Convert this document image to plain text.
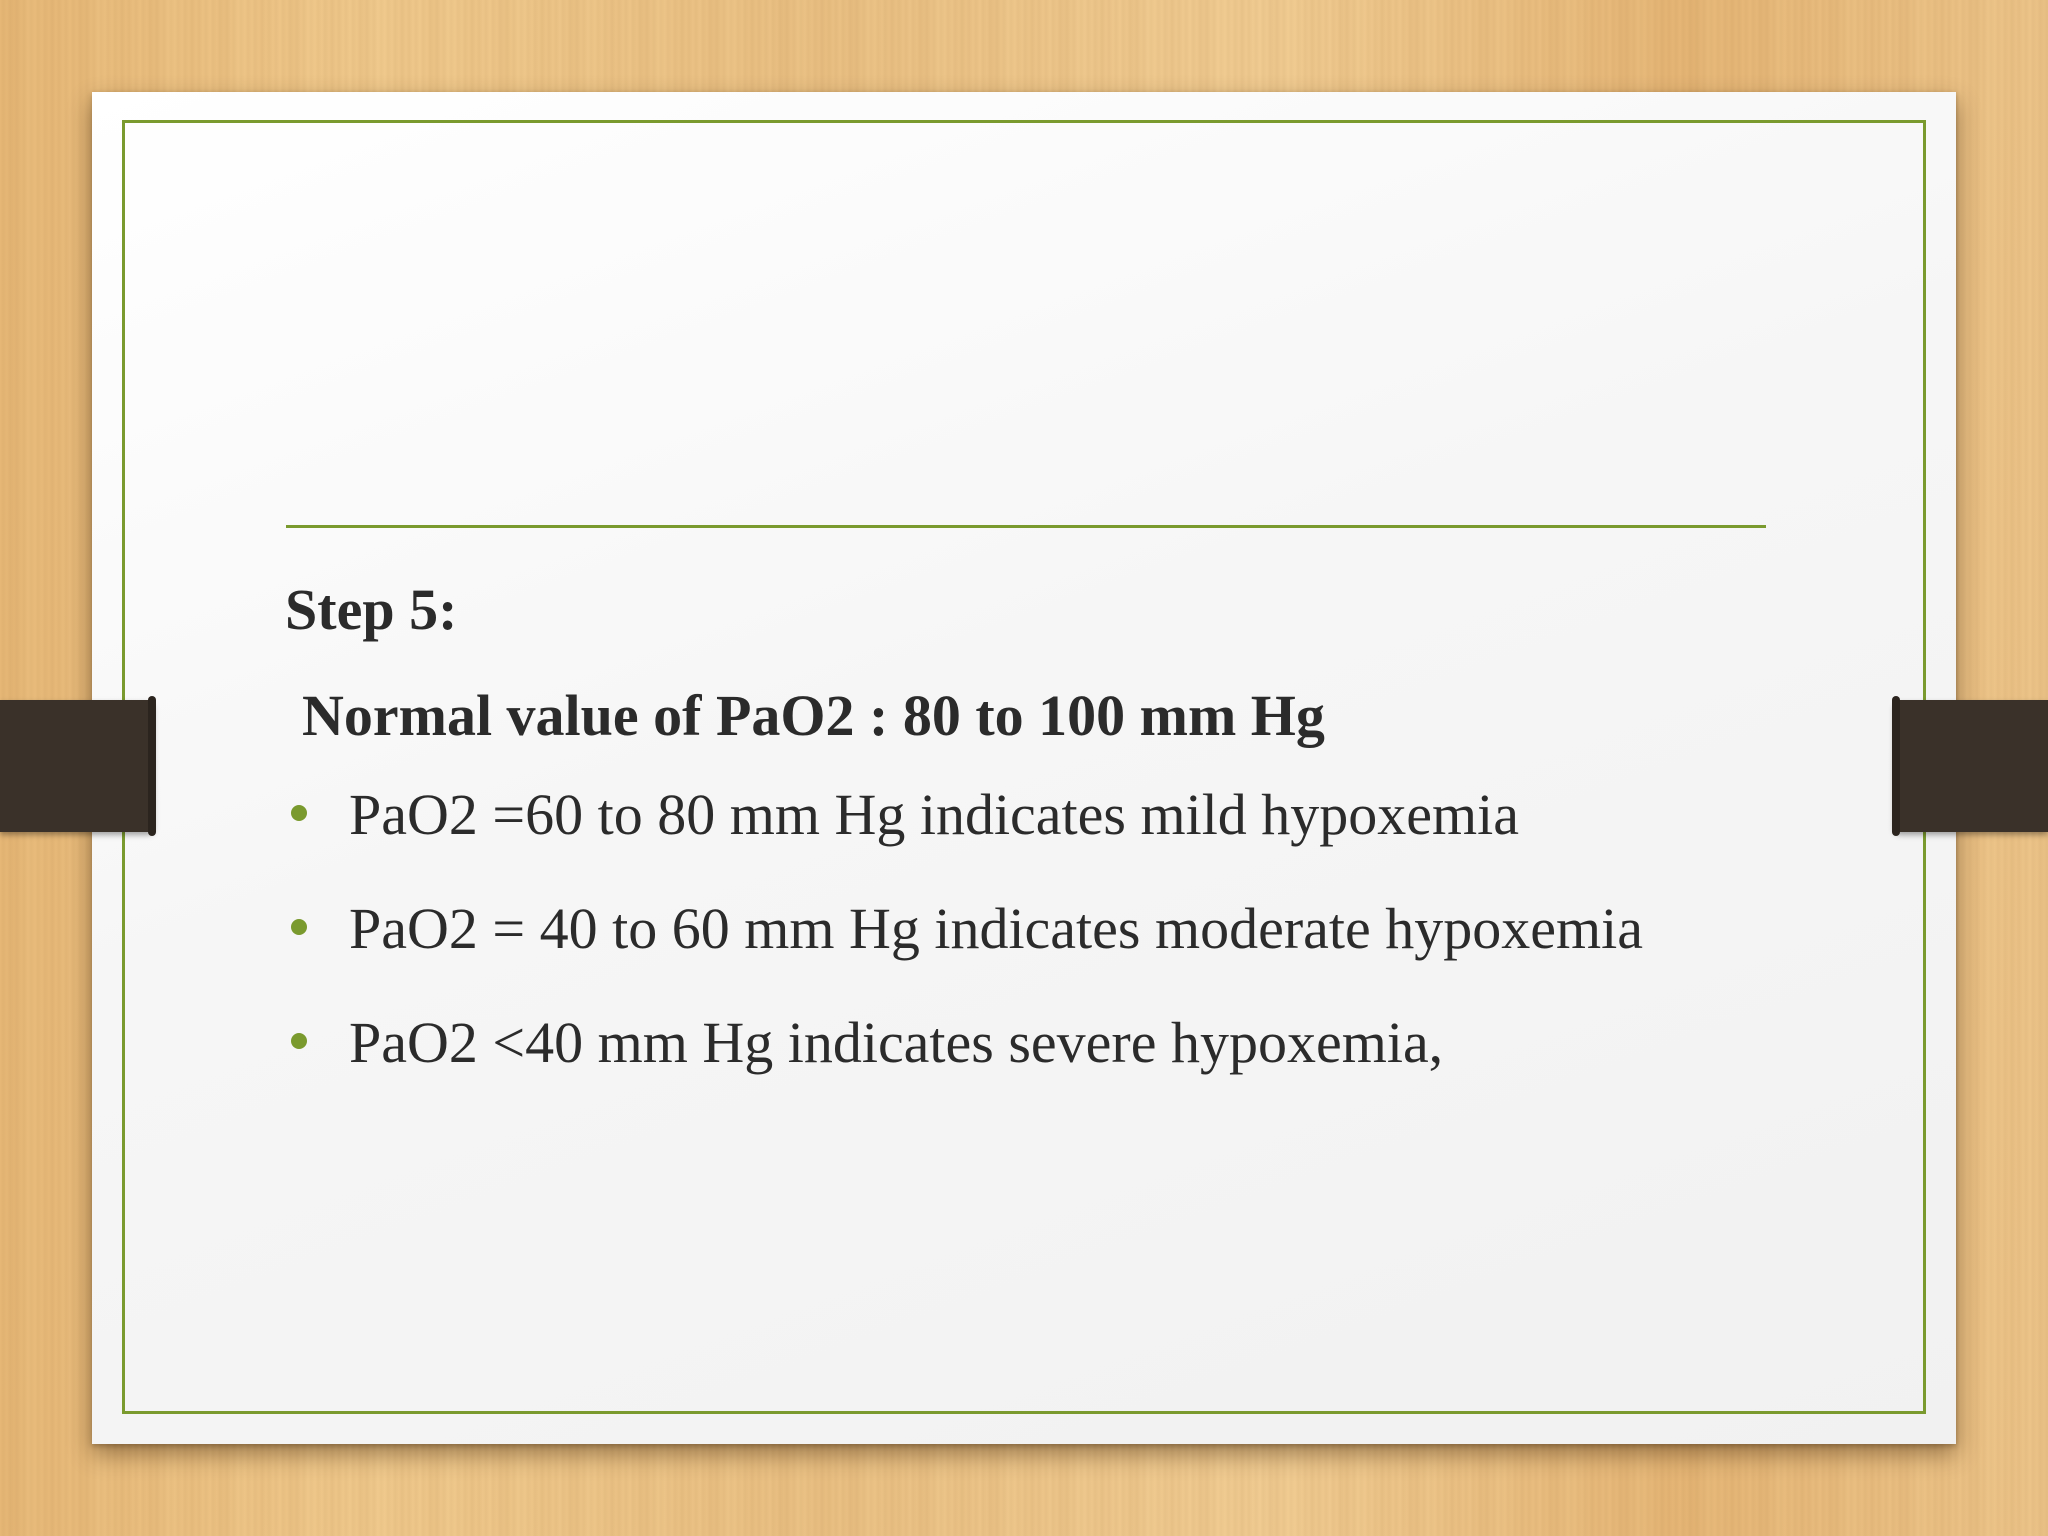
Step 5:

Normal value of PaO2 : 80 to 100 mm Hg

PaO2 =60 to 80 mm Hg indicates mild hypoxemia
PaO2 = 40 to 60 mm Hg indicates moderate hypoxemia
PaO2 <40 mm Hg indicates severe hypoxemia,
